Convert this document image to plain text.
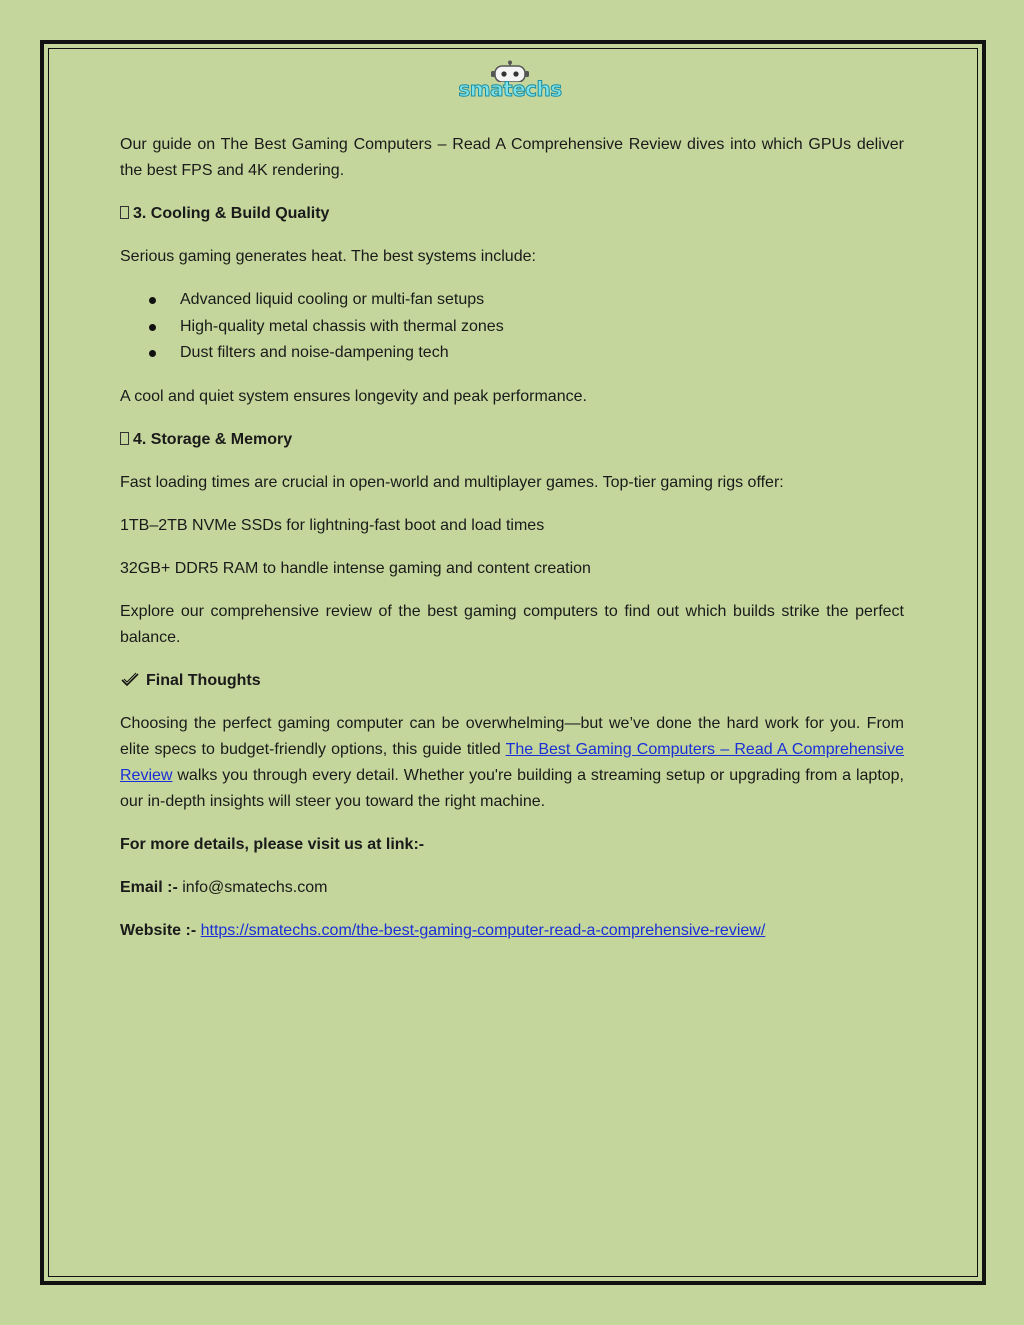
smatechs

Our guide on The Best Gaming Computers – Read A Comprehensive Review dives into which GPUs deliver the best FPS and 4K rendering.

3. Cooling & Build Quality

Serious gaming generates heat. The best systems include:

Advanced liquid cooling or multi-fan setups
High-quality metal chassis with thermal zones
Dust filters and noise-dampening tech

A cool and quiet system ensures longevity and peak performance.

4. Storage & Memory

Fast loading times are crucial in open-world and multiplayer games. Top-tier gaming rigs offer:

1TB–2TB NVMe SSDs for lightning-fast boot and load times

32GB+ DDR5 RAM to handle intense gaming and content creation

Explore our comprehensive review of the best gaming computers to find out which builds strike the perfect balance.

Final Thoughts

Choosing the perfect gaming computer can be overwhelming—but we’ve done the hard work for you. From elite specs to budget-friendly options, this guide titled The Best Gaming Computers – Read A Comprehensive Review walks you through every detail. Whether you're building a streaming setup or upgrading from a laptop, our in-depth insights will steer you toward the right machine.

For more details, please visit us at link:-

Email :- info@smatechs.com

Website :- https://smatechs.com/the-best-gaming-computer-read-a-comprehensive-review/
